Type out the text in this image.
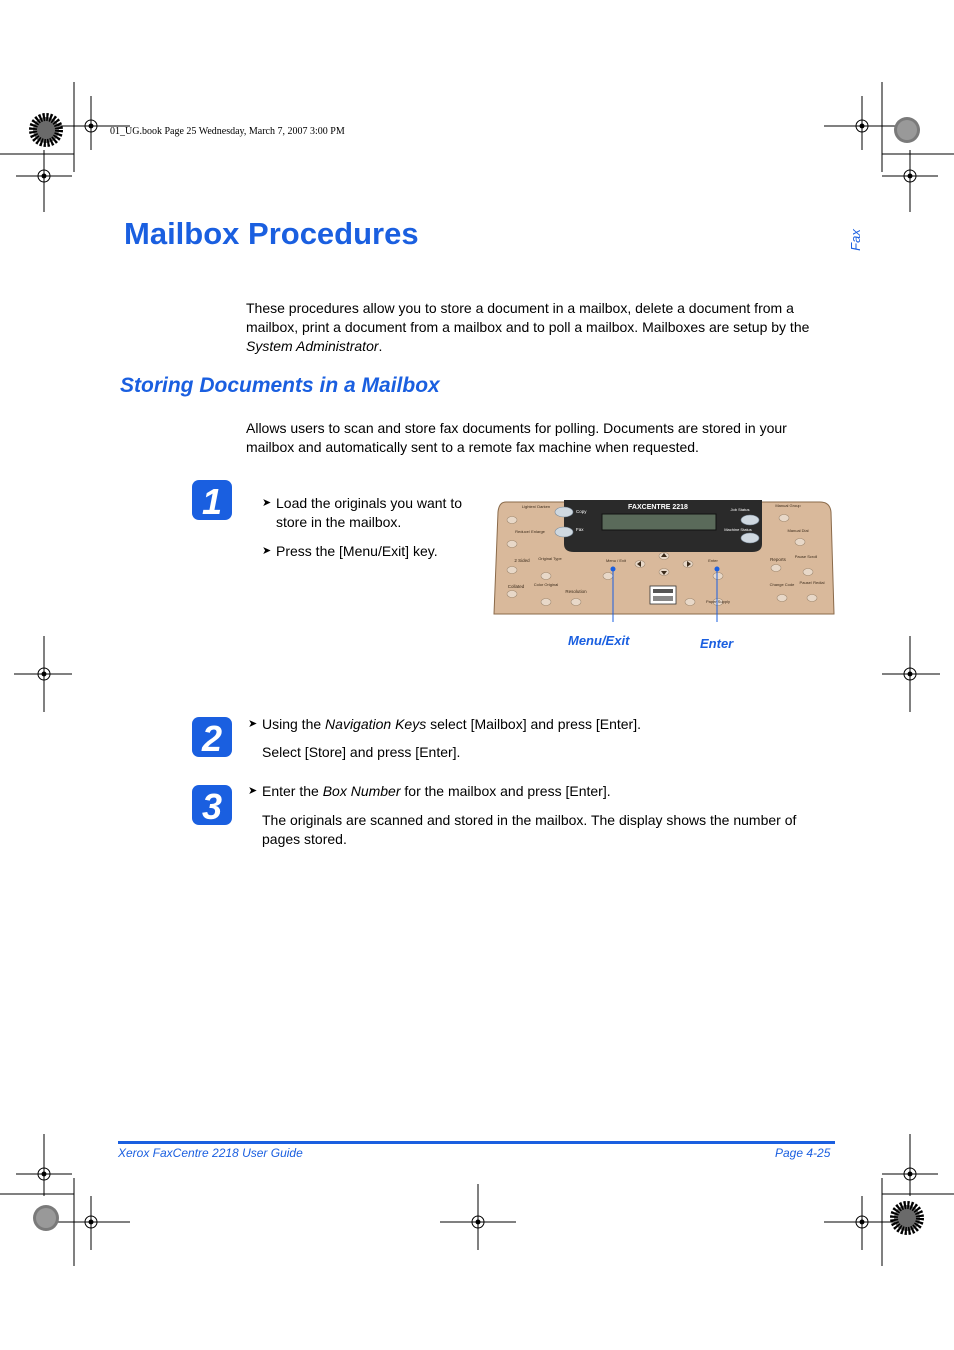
01_UG.book Page 25 Wednesday, March 7, 2007 3:00 PM
Mailbox Procedures	Fax

These procedures allow you to store a document in a mailbox, delete a document from a mailbox, print a document from a mailbox and to poll a mailbox. Mailboxes are setup by the System Administrator.

Storing Documents in a Mailbox

Allows users to scan and store fax documents for polling. Documents are stored in your mailbox and automatically sent to a remote fax machine when requested.

1
2
3
➤ Load the originals you want to store in the mailbox.
➤ Press the [Menu/Exit] key.
FAXCENTRE 2218
Copy
Fax
Job Status
Machine Status
Lighten/ Darken
Reduce/ Enlarge
2 Sided
Collated
Original Type
Color Original
Resolution
Menu / Exit	Enter
Paper Supply
Manual Group
Manual Dial
Reports
Pause Scroll
Change Code Pause/ Redial
Menu/Exit	Enter
➤ Using the Navigation Keys select [Mailbox] and press [Enter].

Select [Store] and press [Enter].

➤ Enter the Box Number for the mailbox and press [Enter].

The originals are scanned and stored in the mailbox. The display shows the number of pages stored.

Xerox FaxCentre 2218 User Guide	Page 4-25
